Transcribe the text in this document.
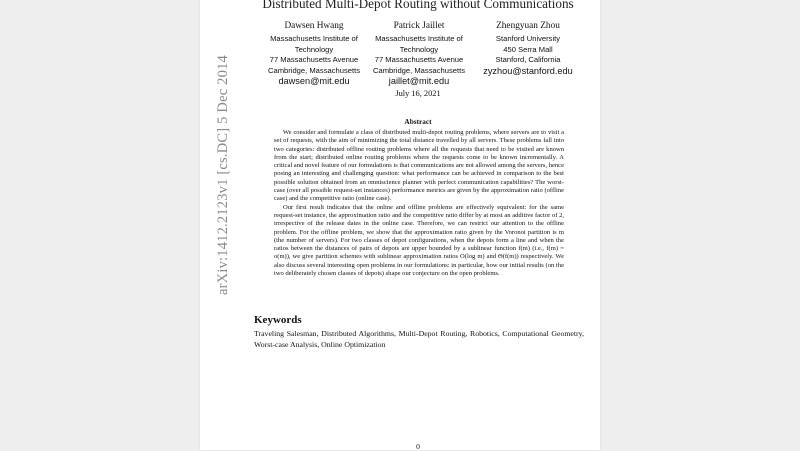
arXiv:1412.2123v1 [cs.DC] 5 Dec 2014
Distributed Multi-Depot Routing without Communications
Dawsen Hwang
Massachusetts Institute of
Technology
77 Massachusetts Avenue
Cambridge, Massachusetts
dawsen@mit.edu
Patrick Jaillet
Massachusetts Institute of
Technology
77 Massachusetts Avenue
Cambridge, Massachusetts
jaillet@mit.edu
Zhengyuan Zhou
Stanford University
450 Serra Mall
Stanford, California
zyzhou@stanford.edu
July 16, 2021
Abstract

We consider and formulate a class of distributed multi-depot routing problems, where servers are to visit a set of requests, with the aim of minimizing the total distance travelled by all servers. These problems fall into two categories: distributed offline routing problems where all the requests that need to be visited are known from the start; distributed online routing problems where the requests come to be known incrementally. A critical and novel feature of our formulations is that communications are not allowed among the servers, hence posing an interesting and challenging question: what performance can be achieved in comparison to the best possible solution obtained from an omniscience planner with perfect communication capabilities? The worst-case (over all possible request-set instances) performance metrics are given by the approximation ratio (offline case) and the competitive ratio (online case).

Our first result indicates that the online and offline problems are effectively equivalent: for the same request-set instance, the approximation ratio and the competitive ratio differ by at most an additive factor of 2, irrespective of the release dates in the online case. Therefore, we can restrict our attention to the offline problem. For the offline problem, we show that the approximation ratio given by the Voronoi partition is m (the number of servers). For two classes of depot configurations, when the depots form a line and when the ratios between the distances of pairs of depots are upper bounded by a sublinear function f(m) (i.e., f(m) = o(m)), we give partition schemes with sublinear approximation ratios O(log m) and Θ(f(m)) respectively. We also discuss several interesting open problems in our formulations: in particular, how our initial results (on the two deliberately chosen classes of depots) shape our conjecture on the open problems.

Keywords
Traveling Salesman, Distributed Algorithms, Multi-Depot Routing, Robotics, Computational Geometry, Worst-case Analysis, Online Optimization
0
